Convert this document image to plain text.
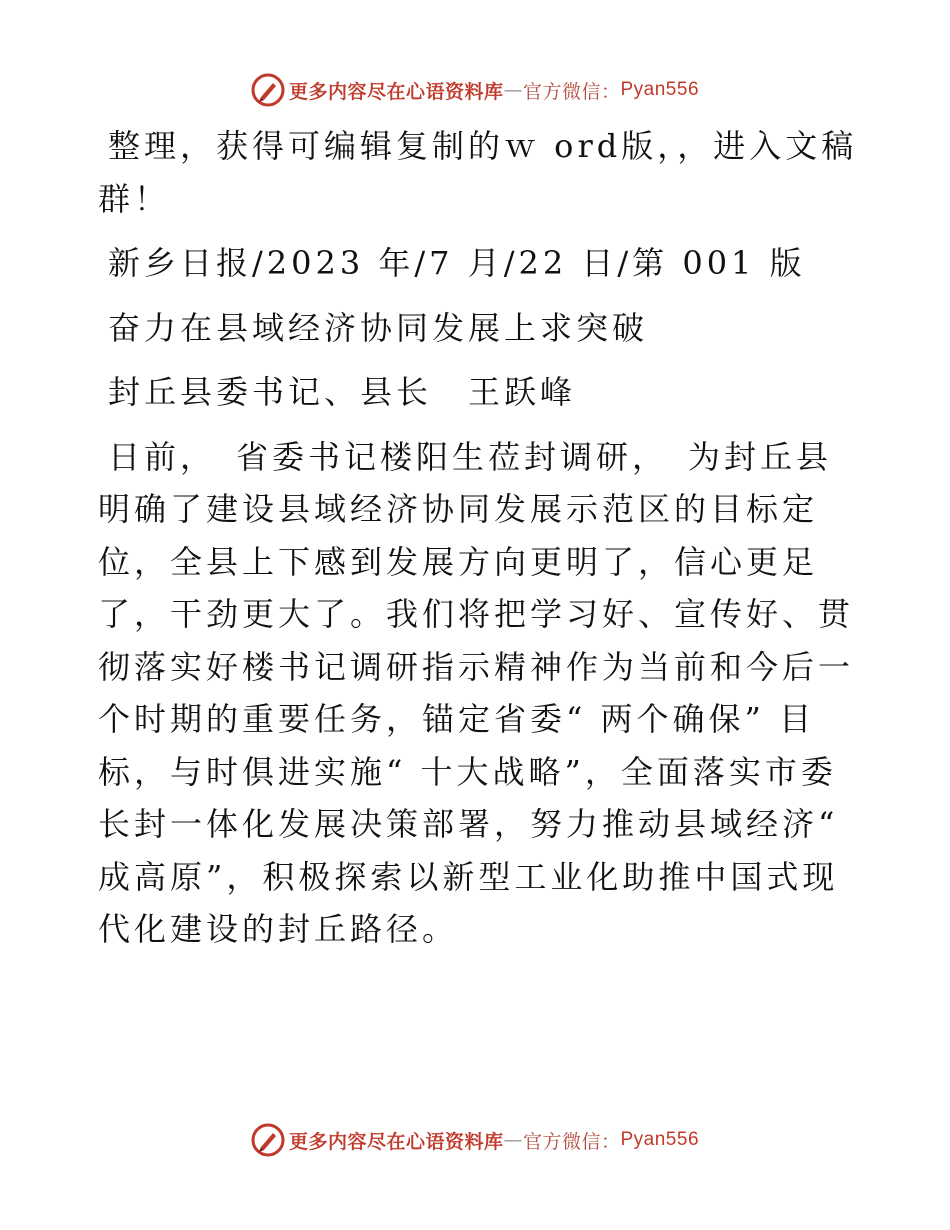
更多内容尽在心语资料库 — 官方微信： Pyan556

整理，获得可编辑复制的ｗ ord版，，进入文稿群！

新乡日报/2023 年/7 月/22 日/第 001 版

奋力在县域经济协同发展上求突破

封丘县委书记、县长　王跃峰

日前，　省委书记楼阳生莅封调研，　为封丘县明确了建设县域经济协同发展示范区的目标定位，全县上下感到发展方向更明了，信心更足了，干劲更大了。我们将把学习好、宣传好、贯彻落实好楼书记调研指示精神作为当前和今后一个时期的重要任务，锚定省委“ 两个确保” 目标，与时俱进实施“ 十大战略”，全面落实市委长封一体化发展决策部署，努力推动县域经济“ 成高原”，积极探索以新型工业化助推中国式现代化建设的封丘路径。

更多内容尽在心语资料库 — 官方微信： Pyan556
